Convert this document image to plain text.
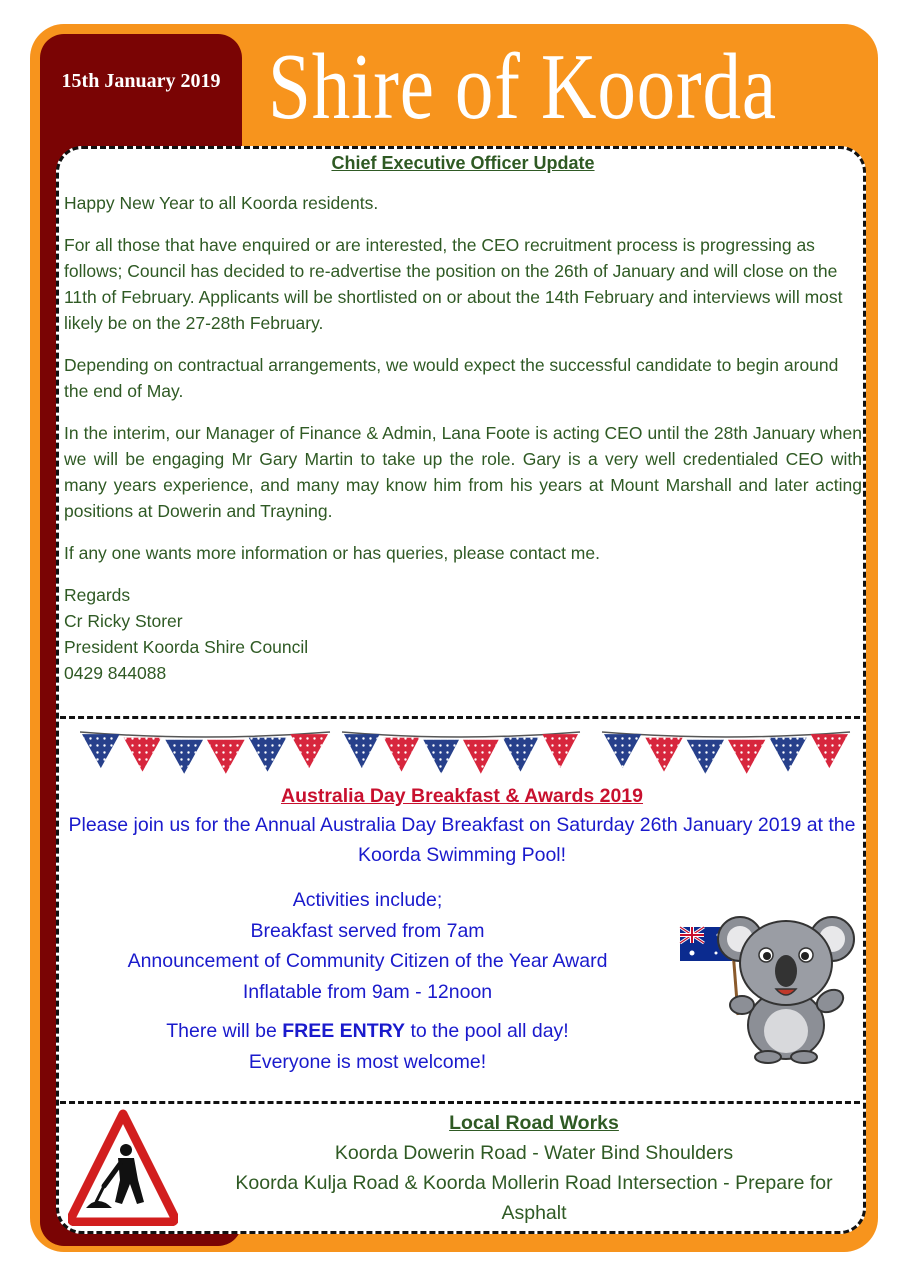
15th January 2019 Shire of Koorda
Chief Executive Officer Update

Happy New Year to all Koorda residents.

For all those that have enquired or are interested, the CEO recruitment process is progressing as follows; Council has decided to re-advertise the position on the 26th of January and will close on the 11th of February. Applicants will be shortlisted on or about the 14th February and interviews will most likely be on the 27-28th February.

Depending on contractual arrangements, we would expect the successful candidate to begin around the end of May.

In the interim, our Manager of Finance & Admin, Lana Foote is acting CEO until the 28th January when we will be engaging Mr Gary Martin to take up the role. Gary is a very well credentialed CEO with many years experience, and many may know him from his years at Mount Marshall and later acting positions at Dowerin and Trayning.

If any one wants more information or has queries, please contact me.

Regards
Cr Ricky Storer
President Koorda Shire Council
0429 844088
Australia Day Breakfast & Awards 2019

Please join us for the Annual Australia Day Breakfast on Saturday 26th January 2019 at the Koorda Swimming Pool!

Activities include;
Breakfast served from 7am
Announcement of Community Citizen of the Year Award
Inflatable from 9am - 12noon
There will be FREE ENTRY to the pool all day!
Everyone is most welcome!
Local Road Works
Koorda Dowerin Road - Water Bind Shoulders
Koorda Kulja Road & Koorda Mollerin Road Intersection - Prepare for Asphalt
